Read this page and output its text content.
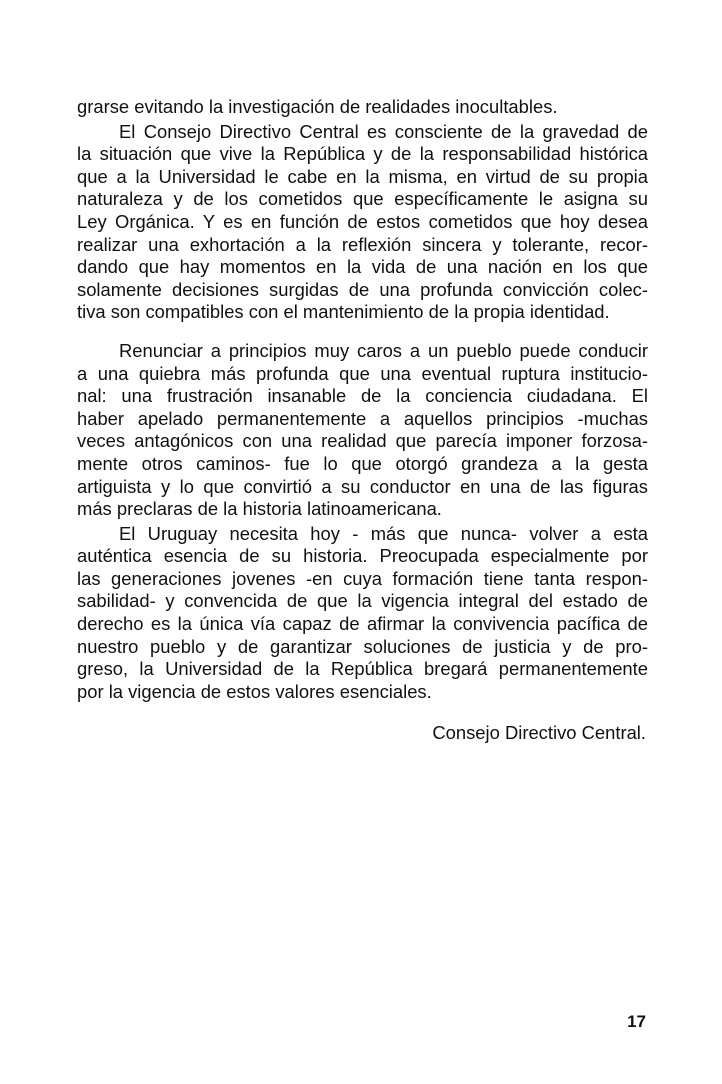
grarse evitando la investigación de realidades inocultables.
El Consejo Directivo Central es consciente de la gravedad de
la situación que vive la República y de la responsabilidad histórica
que a la Universidad le cabe en la misma, en virtud de su propia
naturaleza y de los cometidos que específicamente le asigna su
Ley Orgánica. Y es en función de estos cometidos que hoy desea
realizar una exhortación a la reflexión sincera y tolerante, recor-
dando que hay momentos en la vida de una nación en los que
solamente decisiones surgidas de una profunda convicción colec-
tiva son compatibles con el mantenimiento de la propia identidad.
Renunciar a principios muy caros a un pueblo puede conducir
a una quiebra más profunda que una eventual ruptura institucio-
nal: una frustración insanable de la conciencia ciudadana. El
haber apelado permanentemente a aquellos principios -muchas
veces antagónicos con una realidad que parecía imponer forzosa-
mente otros caminos- fue lo que otorgó grandeza a la gesta
artiguista y lo que convirtió a su conductor en una de las figuras
más preclaras de la historia latinoamericana.
El Uruguay necesita hoy - más que nunca- volver a esta
auténtica esencia de su historia. Preocupada especialmente por
las generaciones jovenes -en cuya formación tiene tanta respon-
sabilidad- y convencida de que la vigencia integral del estado de
derecho es la única vía capaz de afirmar la convivencia pacífica de
nuestro pueblo y de garantizar soluciones de justicia y de pro-
greso, la Universidad de la República bregará permanentemente
por la vigencia de estos valores esenciales.
Consejo Directivo Central.
17
